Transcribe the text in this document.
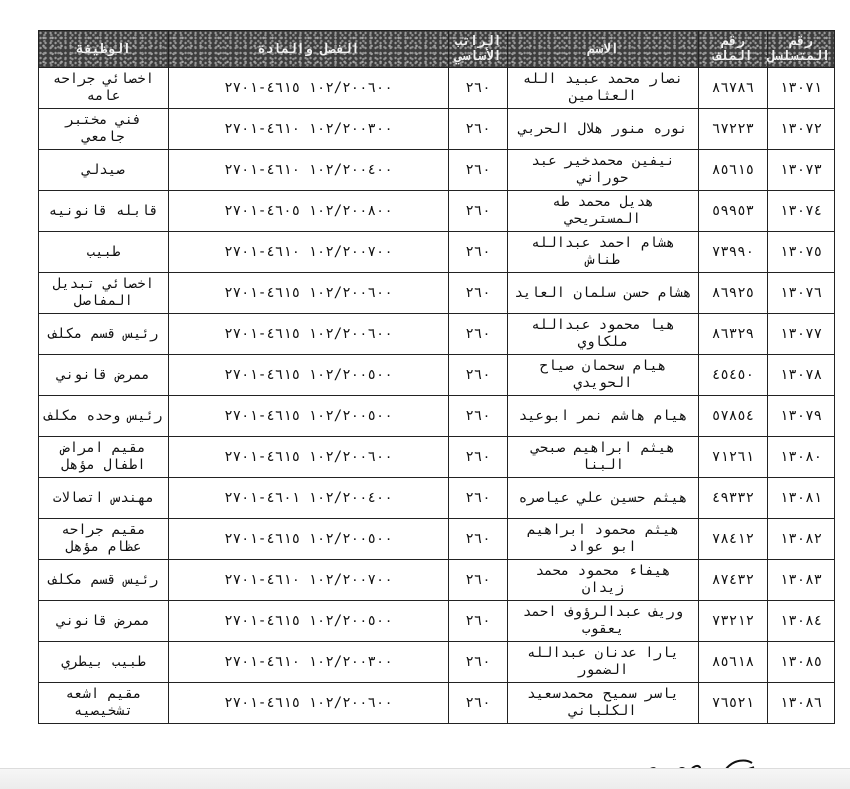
رقم المتسلسل	رقم الملف	الاسم	الراتب الأساسي	الفصل والمادة	الوظيفة
١٣٠٧١	٨٦٧٨٦	نصار محمد عبيد الله العثامين	٢٦٠	١٠٢/٢٠٠٦٠٠ ٤٦١٥-٢٧٠١	اخصائي جراحه عامه
١٣٠٧٢	٦٧٢٢٣	نوره منور هلال الحربي	٢٦٠	١٠٢/٢٠٠٣٠٠ ٤٦١٠-٢٧٠١	فني مختبر جامعي
١٣٠٧٣	٨٥٦١٥	نيفين محمدخير عبد حوراني	٢٦٠	١٠٢/٢٠٠٤٠٠ ٤٦١٠-٢٧٠١	صيدلي
١٣٠٧٤	٥٩٩٥٣	هديل محمد طه المستريحي	٢٦٠	١٠٢/٢٠٠٨٠٠ ٤٦٠٥-٢٧٠١	قابله قانونيه
١٣٠٧٥	٧٣٩٩٠	هشام احمد عبدالله طناش	٢٦٠	١٠٢/٢٠٠٧٠٠ ٤٦١٠-٢٧٠١	طبيب
١٣٠٧٦	٨٦٩٢٥	هشام حسن سلمان العايد	٢٦٠	١٠٢/٢٠٠٦٠٠ ٤٦١٥-٢٧٠١	اخصائي تبديل المفاصل
١٣٠٧٧	٨٦٣٢٩	هيا محمود عبدالله ملكاوي	٢٦٠	١٠٢/٢٠٠٦٠٠ ٤٦١٥-٢٧٠١	رئيس قسم مكلف
١٣٠٧٨	٤٥٤٥٠	هيام سحمان صياح الحويدي	٢٦٠	١٠٢/٢٠٠٥٠٠ ٤٦١٥-٢٧٠١	ممرض قانوني
١٣٠٧٩	٥٧٨٥٤	هيام هاشم نمر ابوعيد	٢٦٠	١٠٢/٢٠٠٥٠٠ ٤٦١٥-٢٧٠١	رئيس وحده مكلف
١٣٠٨٠	٧١٢٦١	هيثم ابراهيم صبحي البنا	٢٦٠	١٠٢/٢٠٠٦٠٠ ٤٦١٥-٢٧٠١	مقيم امراض اطفال مؤهل
١٣٠٨١	٤٩٣٣٢	هيثم حسين علي عياصره	٢٦٠	١٠٢/٢٠٠٤٠٠ ٤٦٠١-٢٧٠١	مهندس اتصالات
١٣٠٨٢	٧٨٤١٢	هيثم محمود ابراهيم ابو عواد	٢٦٠	١٠٢/٢٠٠٥٠٠ ٤٦١٥-٢٧٠١	مقيم جراحه عظام مؤهل
١٣٠٨٣	٨٧٤٣٢	هيفاء محمود محمد زيدان	٢٦٠	١٠٢/٢٠٠٧٠٠ ٤٦١٠-٢٧٠١	رئيس قسم مكلف
١٣٠٨٤	٧٣٢١٢	وريف عبدالرؤوف احمد يعقوب	٢٦٠	١٠٢/٢٠٠٥٠٠ ٤٦١٥-٢٧٠١	ممرض قانوني
١٣٠٨٥	٨٥٦١٨	يارا عدنان عبدالله الضمور	٢٦٠	١٠٢/٢٠٠٣٠٠ ٤٦١٠-٢٧٠١	طبيب بيطري
١٣٠٨٦	٧٦٥٢١	ياسر سميح محمدسعيد الكلباني	٢٦٠	١٠٢/٢٠٠٦٠٠ ٤٦١٥-٢٧٠١	مقيم اشعه تشخيصيه
